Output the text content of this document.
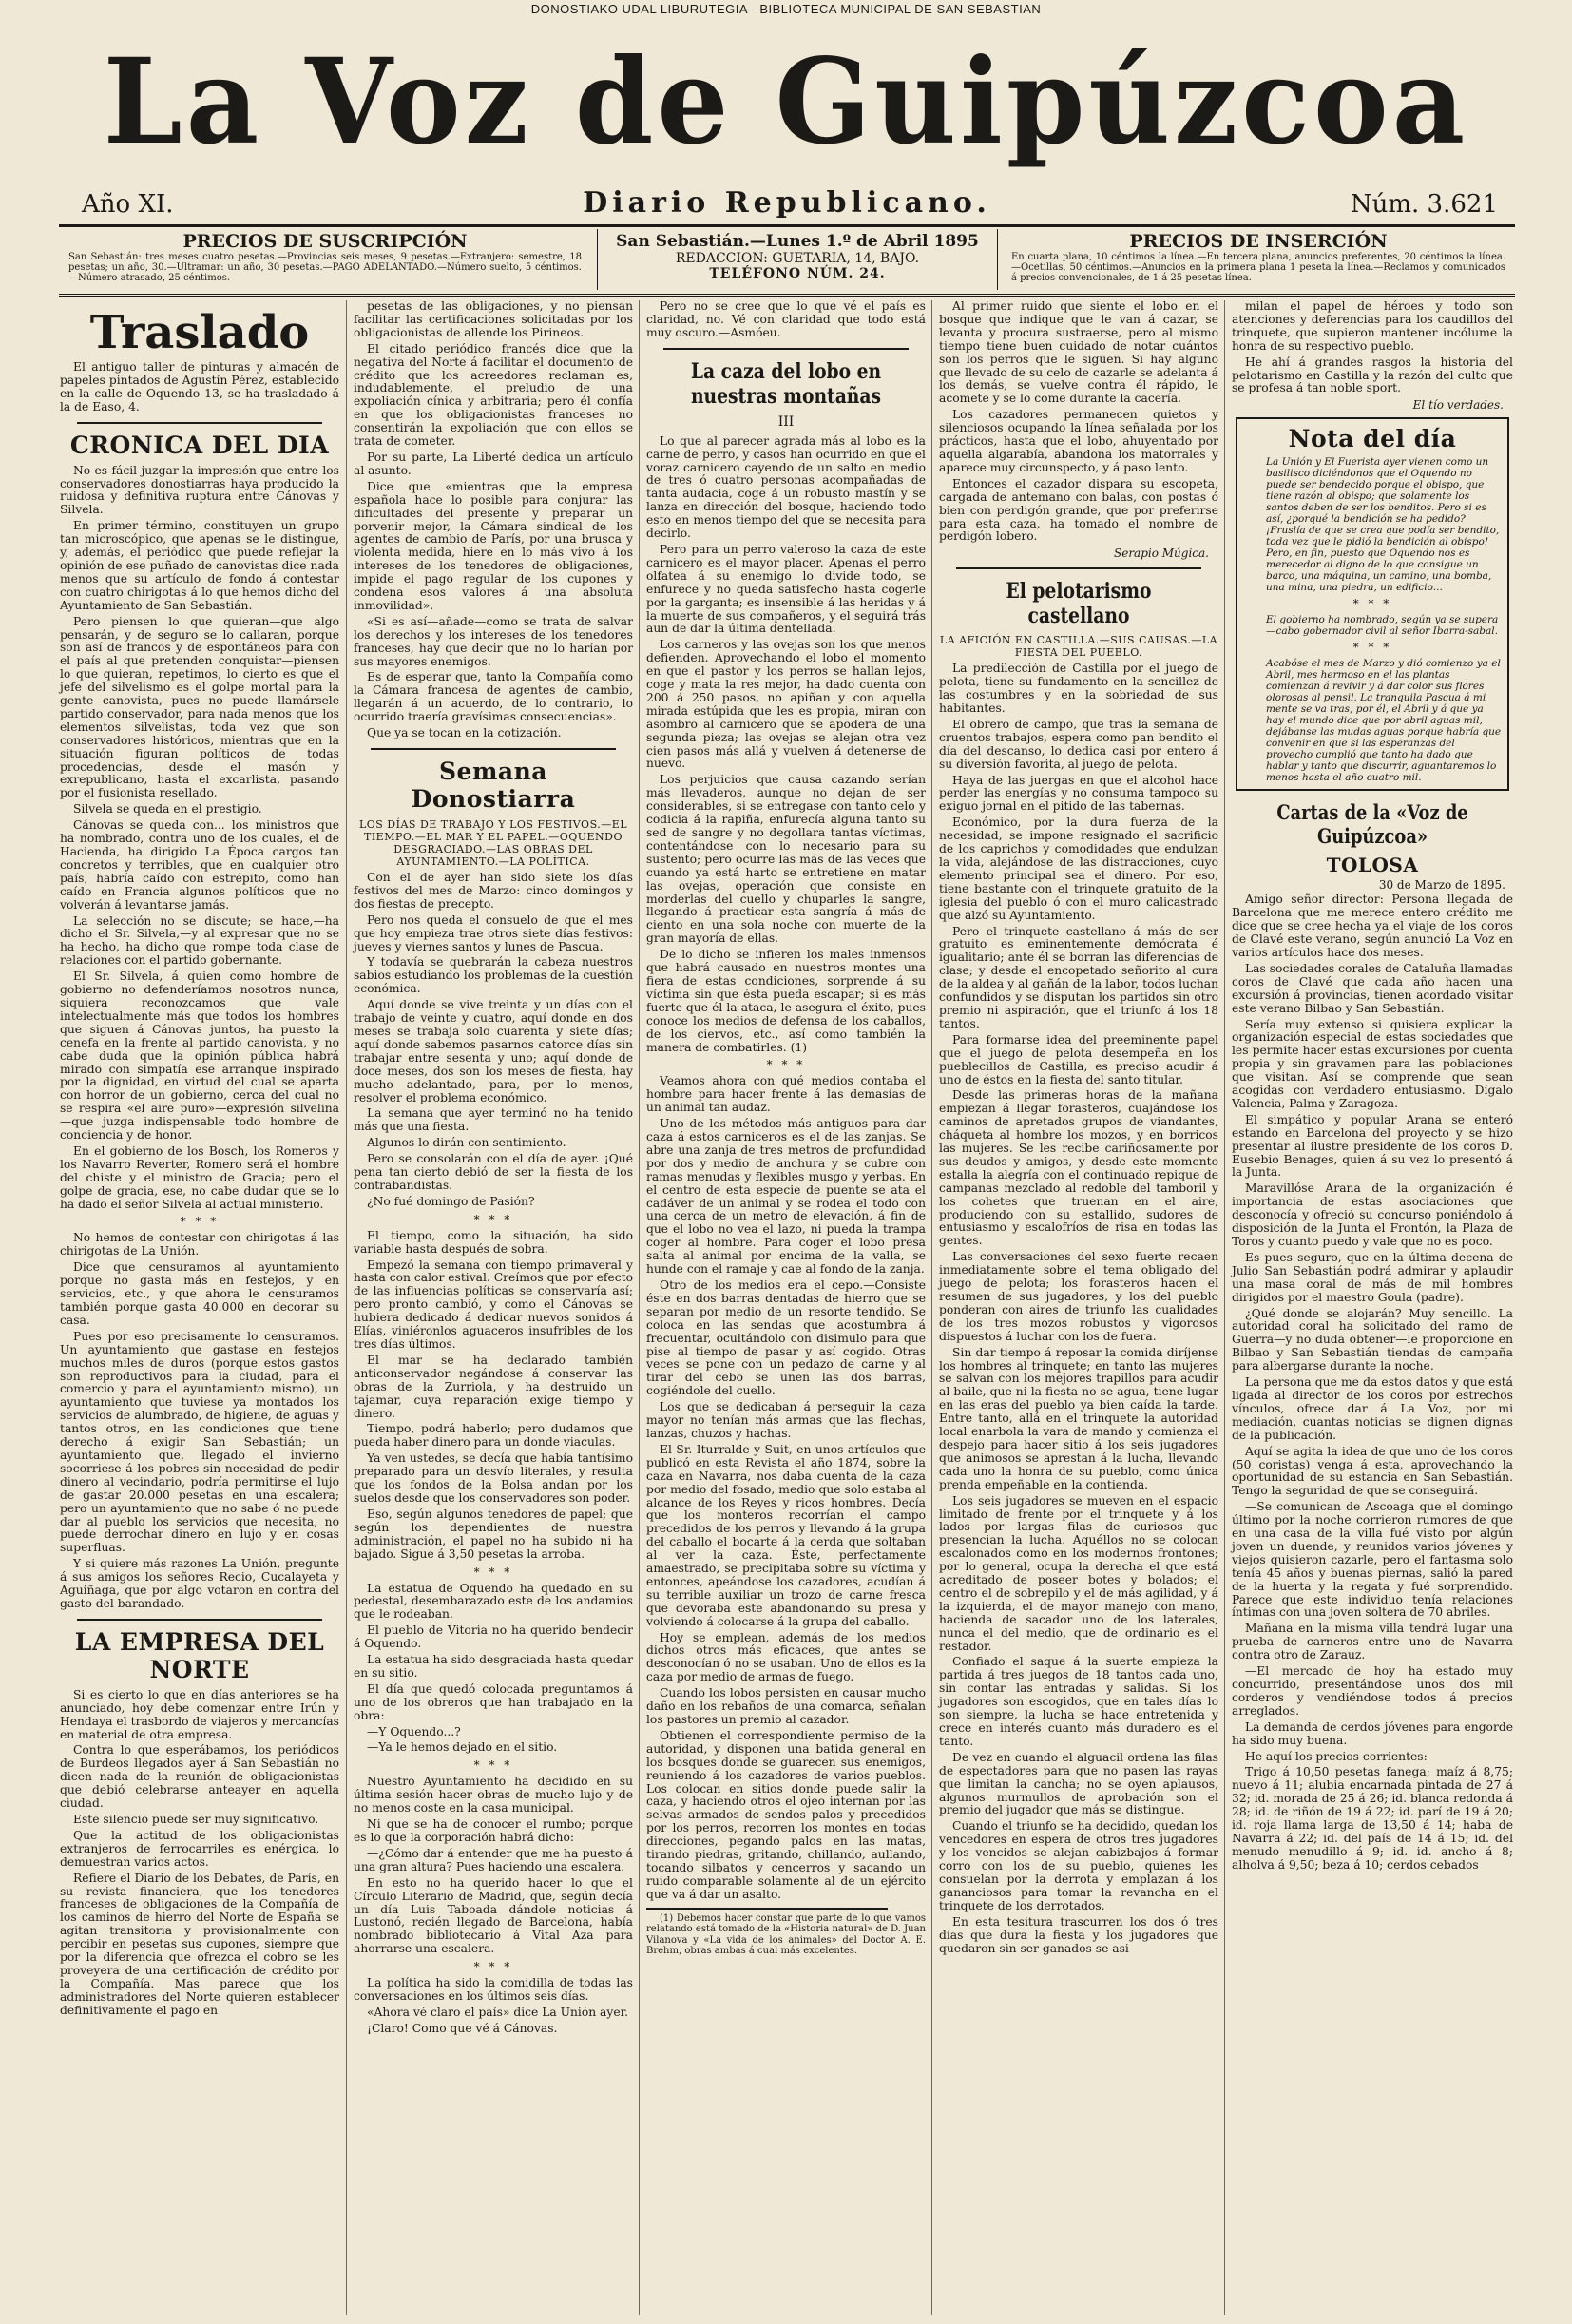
DONOSTIAKO UDAL LIBURUTEGIA - BIBLIOTECA MUNICIPAL DE SAN SEBASTIAN
La Voz de Guipúzcoa
Año XI.	Diario Republicano.	Núm. 3.621
PRECIOS DE SUSCRIPCIÓN
San Sebastián: tres meses cuatro pesetas.—Provincias seis meses, 9 pesetas.—Extranjero: semestre, 18 pesetas; un año, 30.—Ultramar: un año, 30 pesetas.—PAGO ADELANTADO.—Número suelto, 5 céntimos.—Número atrasado, 25 céntimos.
San Sebastián.—Lunes 1.º de Abril 1895
REDACCION: GUETARIA, 14, BAJO.
TELÉFONO NÚM. 24.
PRECIOS DE INSERCIÓN
En cuarta plana, 10 céntimos la línea.—En tercera plana, anuncios preferentes, 20 céntimos la línea.—Ocetillas, 50 céntimos.—Anuncios en la primera plana 1 peseta la línea.—Reclamos y comunicados á precios convencionales, de 1 á 25 pesetas línea.
Traslado

El antiguo taller de pinturas y almacén de papeles pintados de Agustín Pérez, establecido en la calle de Oquendo 13, se ha trasladado á la de Easo, 4.

CRONICA DEL DIA

No es fácil juzgar la impresión que entre los conservadores donostiarras haya producido la ruidosa y definitiva ruptura entre Cánovas y Silvela.

En primer término, constituyen un grupo tan microscópico, que apenas se le distingue, y, además, el periódico que puede reflejar la opinión de ese puñado de canovistas dice nada menos que su artículo de fondo á contestar con cuatro chirigotas á lo que hemos dicho del Ayuntamiento de San Sebastián.

Pero piensen lo que quieran—que algo pensarán, y de seguro se lo callaran, porque son así de francos y de espontáneos para con el país al que pretenden conquistar—piensen lo que quieran, repetimos, lo cierto es que el jefe del silvelismo es el golpe mortal para la gente canovista, pues no puede llamársele partido conservador, para nada menos que los elementos silvelistas, toda vez que son conservadores históricos, mientras que en la situación figuran políticos de todas procedencias, desde el masón y exrepublicano, hasta el excarlista, pasando por el fusionista resellado.

Silvela se queda en el prestigio.

Cánovas se queda con... los ministros que ha nombrado, contra uno de los cuales, el de Hacienda, ha dirigido La Época cargos tan concretos y terribles, que en cualquier otro país, habría caído con estrépito, como han caído en Francia algunos políticos que no volverán á levantarse jamás.

La selección no se discute; se hace,—ha dicho el Sr. Silvela,—y al expresar que no se ha hecho, ha dicho que rompe toda clase de relaciones con el partido gobernante.

El Sr. Silvela, á quien como hombre de gobierno no defenderíamos nosotros nunca, siquiera reconozcamos que vale intelectualmente más que todos los hombres que siguen á Cánovas juntos, ha puesto la cenefa en la frente al partido canovista, y no cabe duda que la opinión pública habrá mirado con simpatía ese arranque inspirado por la dignidad, en virtud del cual se aparta con horror de un gobierno, cerca del cual no se respira «el aire puro»—expresión silvelina—que juzga indispensable todo hombre de conciencia y de honor.

En el gobierno de los Bosch, los Romeros y los Navarro Reverter, Romero será el hombre del chiste y el ministro de Gracia; pero el golpe de gracia, ese, no cabe dudar que se lo ha dado el señor Silvela al actual ministerio.

* * *

No hemos de contestar con chirigotas á las chirigotas de La Unión.

Dice que censuramos al ayuntamiento porque no gasta más en festejos, y en servicios, etc., y que ahora le censuramos también porque gasta 40.000 en decorar su casa.

Pues por eso precisamente lo censuramos. Un ayuntamiento que gastase en festejos muchos miles de duros (porque estos gastos son reproductivos para la ciudad, para el comercio y para el ayuntamiento mismo), un ayuntamiento que tuviese ya montados los servicios de alumbrado, de higiene, de aguas y tantos otros, en las condiciones que tiene derecho á exigir San Sebastián; un ayuntamiento que, llegado el invierno socorriese á los pobres sin necesidad de pedir dinero al vecindario, podría permitirse el lujo de gastar 20.000 pesetas en una escalera; pero un ayuntamiento que no sabe ó no puede dar al pueblo los servicios que necesita, no puede derrochar dinero en lujo y en cosas superfluas.

Y si quiere más razones La Unión, pregunte á sus amigos los señores Recio, Cucalayeta y Aguiñaga, que por algo votaron en contra del gasto del barandado.

LA EMPRESA DEL NORTE

Si es cierto lo que en días anteriores se ha anunciado, hoy debe comenzar entre Irún y Hendaya el trasbordo de viajeros y mercancías en material de otra empresa.

Contra lo que esperábamos, los periódicos de Burdeos llegados ayer á San Sebastián no dicen nada de la reunión de obligacionistas que debió celebrarse anteayer en aquella ciudad.

Este silencio puede ser muy significativo.

Que la actitud de los obligacionistas extranjeros de ferrocarriles es enérgica, lo demuestran varios actos.

Refiere el Diario de los Debates, de París, en su revista financiera, que los tenedores franceses de obligaciones de la Compañía de los caminos de hierro del Norte de España se agitan transitoria y provisionalmente con percibir en pesetas sus cupones, siempre que por la diferencia que ofrezca el cobro se les proveyera de una certificación de crédito por la Compañía. Mas parece que los administradores del Norte quieren establecer definitivamente el pago en

pesetas de las obligaciones, y no piensan facilitar las certificaciones solicitadas por los obligacionistas de allende los Pirineos.

El citado periódico francés dice que la negativa del Norte á facilitar el documento de crédito que los acreedores reclaman es, indudablemente, el preludio de una expoliación cínica y arbitraria; pero él confía en que los obligacionistas franceses no consentirán la expoliación que con ellos se trata de cometer.

Por su parte, La Liberté dedica un artículo al asunto.

Dice que «mientras que la empresa española hace lo posible para conjurar las dificultades del presente y preparar un porvenir mejor, la Cámara sindical de los agentes de cambio de París, por una brusca y violenta medida, hiere en lo más vivo á los intereses de los tenedores de obligaciones, impide el pago regular de los cupones y condena esos valores á una absoluta inmovilidad».

«Si es así—añade—como se trata de salvar los derechos y los intereses de los tenedores franceses, hay que decir que no lo harían por sus mayores enemigos.

Es de esperar que, tanto la Compañía como la Cámara francesa de agentes de cambio, llegarán á un acuerdo, de lo contrario, lo ocurrido traería gravísimas consecuencias».

Que ya se tocan en la cotización.

Semana Donostiarra

LOS DÍAS DE TRABAJO Y LOS FESTIVOS.—EL TIEMPO.—EL MAR Y EL PAPEL.—OQUENDO DESGRACIADO.—LAS OBRAS DEL AYUNTAMIENTO.—LA POLÍTICA.

Con el de ayer han sido siete los días festivos del mes de Marzo: cinco domingos y dos fiestas de precepto.

Pero nos queda el consuelo de que el mes que hoy empieza trae otros siete días festivos: jueves y viernes santos y lunes de Pascua.

Y todavía se quebrarán la cabeza nuestros sabios estudiando los problemas de la cuestión económica.

Aquí donde se vive treinta y un días con el trabajo de veinte y cuatro, aquí donde en dos meses se trabaja solo cuarenta y siete días; aquí donde sabemos pasarnos catorce días sin trabajar entre sesenta y uno; aquí donde de doce meses, dos son los meses de fiesta, hay mucho adelantado, para, por lo menos, resolver el problema económico.

La semana que ayer terminó no ha tenido más que una fiesta.

Algunos lo dirán con sentimiento.

Pero se consolarán con el día de ayer. ¡Qué pena tan cierto debió de ser la fiesta de los contrabandistas.

¿No fué domingo de Pasión?

* * *

El tiempo, como la situación, ha sido variable hasta después de sobra.

Empezó la semana con tiempo primaveral y hasta con calor estival. Creímos que por efecto de las influencias políticas se conservaría así; pero pronto cambió, y como el Cánovas se hubiera dedicado á dedicar nuevos sonidos á Elías, viniéronlos aguaceros insufribles de los tres días últimos.

El mar se ha declarado también anticonservador negándose á conservar las obras de la Zurriola, y ha destruido un tajamar, cuya reparación exige tiempo y dinero.

Tiempo, podrá haberlo; pero dudamos que pueda haber dinero para un donde viaculas.

Ya ven ustedes, se decía que había tantísimo preparado para un desvío literales, y resulta que los fondos de la Bolsa andan por los suelos desde que los conservadores son poder.

Eso, según algunos tenedores de papel; que según los dependientes de nuestra administración, el papel no ha subido ni ha bajado. Sigue á 3,50 pesetas la arroba.

* * *

La estatua de Oquendo ha quedado en su pedestal, desembarazado este de los andamios que le rodeaban.

El pueblo de Vitoria no ha querido bendecir á Oquendo.

La estatua ha sido desgraciada hasta quedar en su sitio.

El día que quedó colocada preguntamos á uno de los obreros que han trabajado en la obra:

—Y Oquendo...?

—Ya le hemos dejado en el sitio.

* * *

Nuestro Ayuntamiento ha decidido en su última sesión hacer obras de mucho lujo y de no menos coste en la casa municipal.

Ni que se ha de conocer el rumbo; porque es lo que la corporación habrá dicho:

—¿Cómo dar á entender que me ha puesto á una gran altura? Pues haciendo una escalera.

En esto no ha querido hacer lo que el Círculo Literario de Madrid, que, según decía un día Luis Taboada dándole noticias á Lustonó, recién llegado de Barcelona, había nombrado bibliotecario á Vital Aza para ahorrarse una escalera.

* * *

La política ha sido la comidilla de todas las conversaciones en los últimos seis días.

«Ahora vé claro el país» dice La Unión ayer.

¡Claro! Como que vé á Cánovas.

Pero no se cree que lo que vé el país es claridad, no. Vé con claridad que todo está muy oscuro.—Asmóeu.

La caza del lobo en nuestras montañas
III

Lo que al parecer agrada más al lobo es la carne de perro, y casos han ocurrido en que el voraz carnicero cayendo de un salto en medio de tres ó cuatro personas acompañadas de tanta audacia, coge á un robusto mastín y se lanza en dirección del bosque, haciendo todo esto en menos tiempo del que se necesita para decirlo.

Pero para un perro valeroso la caza de este carnicero es el mayor placer. Apenas el perro olfatea á su enemigo lo divide todo, se enfurece y no queda satisfecho hasta cogerle por la garganta; es insensible á las heridas y á la muerte de sus compañeros, y el seguirá trás aun de dar la última dentellada.

Los carneros y las ovejas son los que menos defienden. Aprovechando el lobo el momento en que el pastor y los perros se hallan lejos, coge y mata la res mejor, ha dado cuenta con 200 á 250 pasos, no apiñan y con aquella mirada estúpida que les es propia, miran con asombro al carnicero que se apodera de una segunda pieza; las ovejas se alejan otra vez cien pasos más allá y vuelven á detenerse de nuevo.

Los perjuicios que causa cazando serían más llevaderos, aunque no dejan de ser considerables, si se entregase con tanto celo y codicia á la rapiña, enfurecía alguna tanto su sed de sangre y no degollara tantas víctimas, contentándose con lo necesario para su sustento; pero ocurre las más de las veces que cuando ya está harto se entretiene en matar las ovejas, operación que consiste en morderlas del cuello y chuparles la sangre, llegando á practicar esta sangría á más de ciento en una sola noche con muerte de la gran mayoría de ellas.

De lo dicho se infieren los males inmensos que habrá causado en nuestros montes una fiera de estas condiciones, sorprende á su víctima sin que ésta pueda escapar; si es más fuerte que él la ataca, le asegura el éxito, pues conoce los medios de defensa de los caballos, de los ciervos, etc., así como también la manera de combatirles. (1)

* * *

Veamos ahora con qué medios contaba el hombre para hacer frente á las demasías de un animal tan audaz.

Uno de los métodos más antiguos para dar caza á estos carniceros es el de las zanjas. Se abre una zanja de tres metros de profundidad por dos y medio de anchura y se cubre con ramas menudas y flexibles musgo y yerbas. En el centro de esta especie de puente se ata el cadáver de un animal y se rodea el todo con una cerca de un metro de elevación, á fin de que el lobo no vea el lazo, ni pueda la trampa coger al hombre. Para coger el lobo presa salta al animal por encima de la valla, se hunde con el ramaje y cae al fondo de la zanja.

Otro de los medios era el cepo.—Consiste éste en dos barras dentadas de hierro que se separan por medio de un resorte tendido. Se coloca en las sendas que acostumbra á frecuentar, ocultándolo con disimulo para que pise al tiempo de pasar y así cogido. Otras veces se pone con un pedazo de carne y al tirar del cebo se unen las dos barras, cogiéndole del cuello.

Los que se dedicaban á perseguir la caza mayor no tenían más armas que las flechas, lanzas, chuzos y hachas.

El Sr. Iturralde y Suit, en unos artículos que publicó en esta Revista el año 1874, sobre la caza en Navarra, nos daba cuenta de la caza por medio del fosado, medio que solo estaba al alcance de los Reyes y ricos hombres. Decía que los monteros recorrían el campo precedidos de los perros y llevando á la grupa del caballo el bocarte á la cerda que soltaban al ver la caza. Éste, perfectamente amaestrado, se precipitaba sobre su víctima y entonces, apeándose los cazadores, acudían á su terrible auxiliar un trozo de carne fresca que devoraba este abandonando su presa y volviendo á colocarse á la grupa del caballo.

Hoy se emplean, además de los medios dichos otros más eficaces, que antes se desconocían ó no se usaban. Uno de ellos es la caza por medio de armas de fuego.

Cuando los lobos persisten en causar mucho daño en los rebaños de una comarca, señalan los pastores un premio al cazador.

Obtienen el correspondiente permiso de la autoridad, y disponen una batida general en los bosques donde se guarecen sus enemigos, reuniendo á los cazadores de varios pueblos. Los colocan en sitios donde puede salir la caza, y haciendo otros el ojeo internan por las selvas armados de sendos palos y precedidos por los perros, recorren los montes en todas direcciones, pegando palos en las matas, tirando piedras, gritando, chillando, aullando, tocando silbatos y cencerros y sacando un ruido comparable solamente al de un ejército que va á dar un asalto.

(1) Debemos hacer constar que parte de lo que vamos relatando está tomado de la «Historia natural» de D. Juan Vilanova y «La vida de los animales» del Doctor A. E. Brehm, obras ambas á cual más excelentes.

Al primer ruido que siente el lobo en el bosque que indique que le van á cazar, se levanta y procura sustraerse, pero al mismo tiempo tiene buen cuidado de notar cuántos son los perros que le siguen. Si hay alguno que llevado de su celo de cazarle se adelanta á los demás, se vuelve contra él rápido, le acomete y se lo come durante la cacería.

Los cazadores permanecen quietos y silenciosos ocupando la línea señalada por los prácticos, hasta que el lobo, ahuyentado por aquella algarabía, abandona los matorrales y aparece muy circunspecto, y á paso lento.

Entonces el cazador dispara su escopeta, cargada de antemano con balas, con postas ó bien con perdigón grande, que por preferirse para esta caza, ha tomado el nombre de perdigón lobero.

Serapio Múgica.
El pelotarismo castellano

LA AFICIÓN EN CASTILLA.—SUS CAUSAS.—LA FIESTA DEL PUEBLO.

La predilección de Castilla por el juego de pelota, tiene su fundamento en la sencillez de las costumbres y en la sobriedad de sus habitantes.

El obrero de campo, que tras la semana de cruentos trabajos, espera como pan bendito el día del descanso, lo dedica casi por entero á su diversión favorita, al juego de pelota.

Haya de las juergas en que el alcohol hace perder las energías y no consuma tampoco su exiguo jornal en el pitido de las tabernas.

Económico, por la dura fuerza de la necesidad, se impone resignado el sacrificio de los caprichos y comodidades que endulzan la vida, alejándose de las distracciones, cuyo elemento principal sea el dinero. Por eso, tiene bastante con el trinquete gratuito de la iglesia del pueblo ó con el muro calicastrado que alzó su Ayuntamiento.

Pero el trinquete castellano á más de ser gratuito es eminentemente demócrata é igualitario; ante él se borran las diferencias de clase; y desde el encopetado señorito al cura de la aldea y al gañán de la labor, todos luchan confundidos y se disputan los partidos sin otro premio ni aspiración, que el triunfo á los 18 tantos.

Para formarse idea del preeminente papel que el juego de pelota desempeña en los pueblecillos de Castilla, es preciso acudir á uno de éstos en la fiesta del santo titular.

Desde las primeras horas de la mañana empiezan á llegar forasteros, cuajándose los caminos de apretados grupos de viandantes, cháqueta al hombre los mozos, y en borricos las mujeres. Se les recibe cariñosamente por sus deudos y amigos, y desde este momento estalla la alegría con el continuado repique de campanas mezclado al redoble del tamboril y los cohetes que truenan en el aire, produciendo con su estallido, sudores de entusiasmo y escalofríos de risa en todas las gentes.

Las conversaciones del sexo fuerte recaen inmediatamente sobre el tema obligado del juego de pelota; los forasteros hacen el resumen de sus jugadores, y los del pueblo ponderan con aires de triunfo las cualidades de los tres mozos robustos y vigorosos dispuestos á luchar con los de fuera.

Sin dar tiempo á reposar la comida diríjense los hombres al trinquete; en tanto las mujeres se salvan con los mejores trapillos para acudir al baile, que ni la fiesta no se agua, tiene lugar en las eras del pueblo ya bien caída la tarde. Entre tanto, allá en el trinquete la autoridad local enarbola la vara de mando y comienza el despejo para hacer sitio á los seis jugadores que animosos se aprestan á la lucha, llevando cada uno la honra de su pueblo, como única prenda empeñable en la contienda.

Los seis jugadores se mueven en el espacio limitado de frente por el trinquete y á los lados por largas filas de curiosos que presencian la lucha. Aquéllos no se colocan escalonados como en los modernos frontones; por lo general, ocupa la derecha el que está acreditado de poseer botes y bolados; el centro el de sobrepilo y el de más agilidad, y á la izquierda, el de mayor manejo con mano, hacienda de sacador uno de los laterales, nunca el del medio, que de ordinario es el restador.

Confiado el saque á la suerte empieza la partida á tres juegos de 18 tantos cada uno, sin contar las entradas y salidas. Si los jugadores son escogidos, que en tales días lo son siempre, la lucha se hace entretenida y crece en interés cuanto más duradero es el tanto.

De vez en cuando el alguacil ordena las filas de espectadores para que no pasen las rayas que limitan la cancha; no se oyen aplausos, algunos murmullos de aprobación son el premio del jugador que más se distingue.

Cuando el triunfo se ha decidido, quedan los vencedores en espera de otros tres jugadores y los vencidos se alejan cabizbajos á formar corro con los de su pueblo, quienes les consuelan por la derrota y emplazan á los gananciosos para tomar la revancha en el trinquete de los derrotados.

En esta tesitura trascurren los dos ó tres días que dura la fiesta y los jugadores que quedaron sin ser ganados se asi-

milan el papel de héroes y todo son atenciones y deferencias para los caudillos del trinquete, que supieron mantener incólume la honra de su respectivo pueblo.

He ahí á grandes rasgos la historia del pelotarismo en Castilla y la razón del culto que se profesa á tan noble sport.

El tío verdades.
Nota del día

La Unión y El Fuerista ayer vienen como un basilisco diciéndonos que el Oquendo no puede ser bendecido porque el obispo, que tiene razón al obispo; que solamente los santos deben de ser los benditos. Pero si es así, ¿porqué la bendición se ha pedido? ¡Fruslía de que se crea que podía ser bendito, toda vez que le pidió la bendición al obispo! Pero, en fin, puesto que Oquendo nos es merecedor al digno de lo que consigue un barco, una máquina, un camino, una bomba, una mina, una piedra, un edificio...

* * *

El gobierno ha nombrado, según ya se supera—cabo gobernador civil al señor Ibarra-sabal.

* * *

Acabóse el mes de Marzo y dió comienzo ya el Abril, mes hermoso en el las plantas comienzan á revivir y á dar color sus flores olorosas al pensil. La tranquila Pascua á mi mente se va tras, por él, el Abril y á que ya hay el mundo dice que por abril aguas mil, dejábanse las mudas aguas porque habría que convenir en que si las esperanzas del provecho cumplió que tanto ha dado que hablar y tanto que discurrir, aguantaremos lo menos hasta el año cuatro mil.

Cartas de la «Voz de Guipúzcoa»
TOLOSA
30 de Marzo de 1895.

Amigo señor director: Persona llegada de Barcelona que me merece entero crédito me dice que se cree hecha ya el viaje de los coros de Clavé este verano, según anunció La Voz en varios artículos hace dos meses.

Las sociedades corales de Cataluña llamadas coros de Clavé que cada año hacen una excursión á provincias, tienen acordado visitar este verano Bilbao y San Sebastián.

Sería muy extenso si quisiera explicar la organización especial de estas sociedades que les permite hacer estas excursiones por cuenta propia y sin gravamen para las poblaciones que visitan. Así se comprende que sean acogidas con verdadero entusiasmo. Dígalo Valencia, Palma y Zaragoza.

El simpático y popular Arana se enteró estando en Barcelona del proyecto y se hizo presentar al ilustre presidente de los coros D. Eusebio Benages, quien á su vez lo presentó á la Junta.

Maravillóse Arana de la organización é importancia de estas asociaciones que desconocía y ofreció su concurso poniéndolo á disposición de la Junta el Frontón, la Plaza de Toros y cuanto puedo y vale que no es poco.

Es pues seguro, que en la última decena de Julio San Sebastián podrá admirar y aplaudir una masa coral de más de mil hombres dirigidos por el maestro Goula (padre).

¿Qué donde se alojarán? Muy sencillo. La autoridad coral ha solicitado del ramo de Guerra—y no duda obtener—le proporcione en Bilbao y San Sebastián tiendas de campaña para albergarse durante la noche.

La persona que me da estos datos y que está ligada al director de los coros por estrechos vínculos, ofrece dar á La Voz, por mi mediación, cuantas noticias se dignen dignas de la publicación.

Aquí se agita la idea de que uno de los coros (50 coristas) venga á esta, aprovechando la oportunidad de su estancia en San Sebastián. Tengo la seguridad de que se conseguirá.

—Se comunican de Ascoaga que el domingo último por la noche corrieron rumores de que en una casa de la villa fué visto por algún joven un duende, y reunidos varios jóvenes y viejos quisieron cazarle, pero el fantasma solo tenía 45 años y buenas piernas, salió la pared de la huerta y la regata y fué sorprendido. Parece que este individuo tenía relaciones íntimas con una joven soltera de 70 abriles.

Mañana en la misma villa tendrá lugar una prueba de carneros entre uno de Navarra contra otro de Zarauz.

—El mercado de hoy ha estado muy concurrido, presentándose unos dos mil corderos y vendiéndose todos á precios arreglados.

La demanda de cerdos jóvenes para engorde ha sido muy buena.

He aquí los precios corrientes:

Trigo á 10,50 pesetas fanega; maíz á 8,75; nuevo á 11; alubia encarnada pintada de 27 á 32; id. morada de 25 á 26; id. blanca redonda á 28; id. de riñón de 19 á 22; id. parí de 19 á 20; id. roja llama larga de 13,50 á 14; haba de Navarra á 22; id. del país de 14 á 15; id. del menudo menudillo á 9; id. id. ancho á 8; alholva á 9,50; beza á 10; cerdos cebados
